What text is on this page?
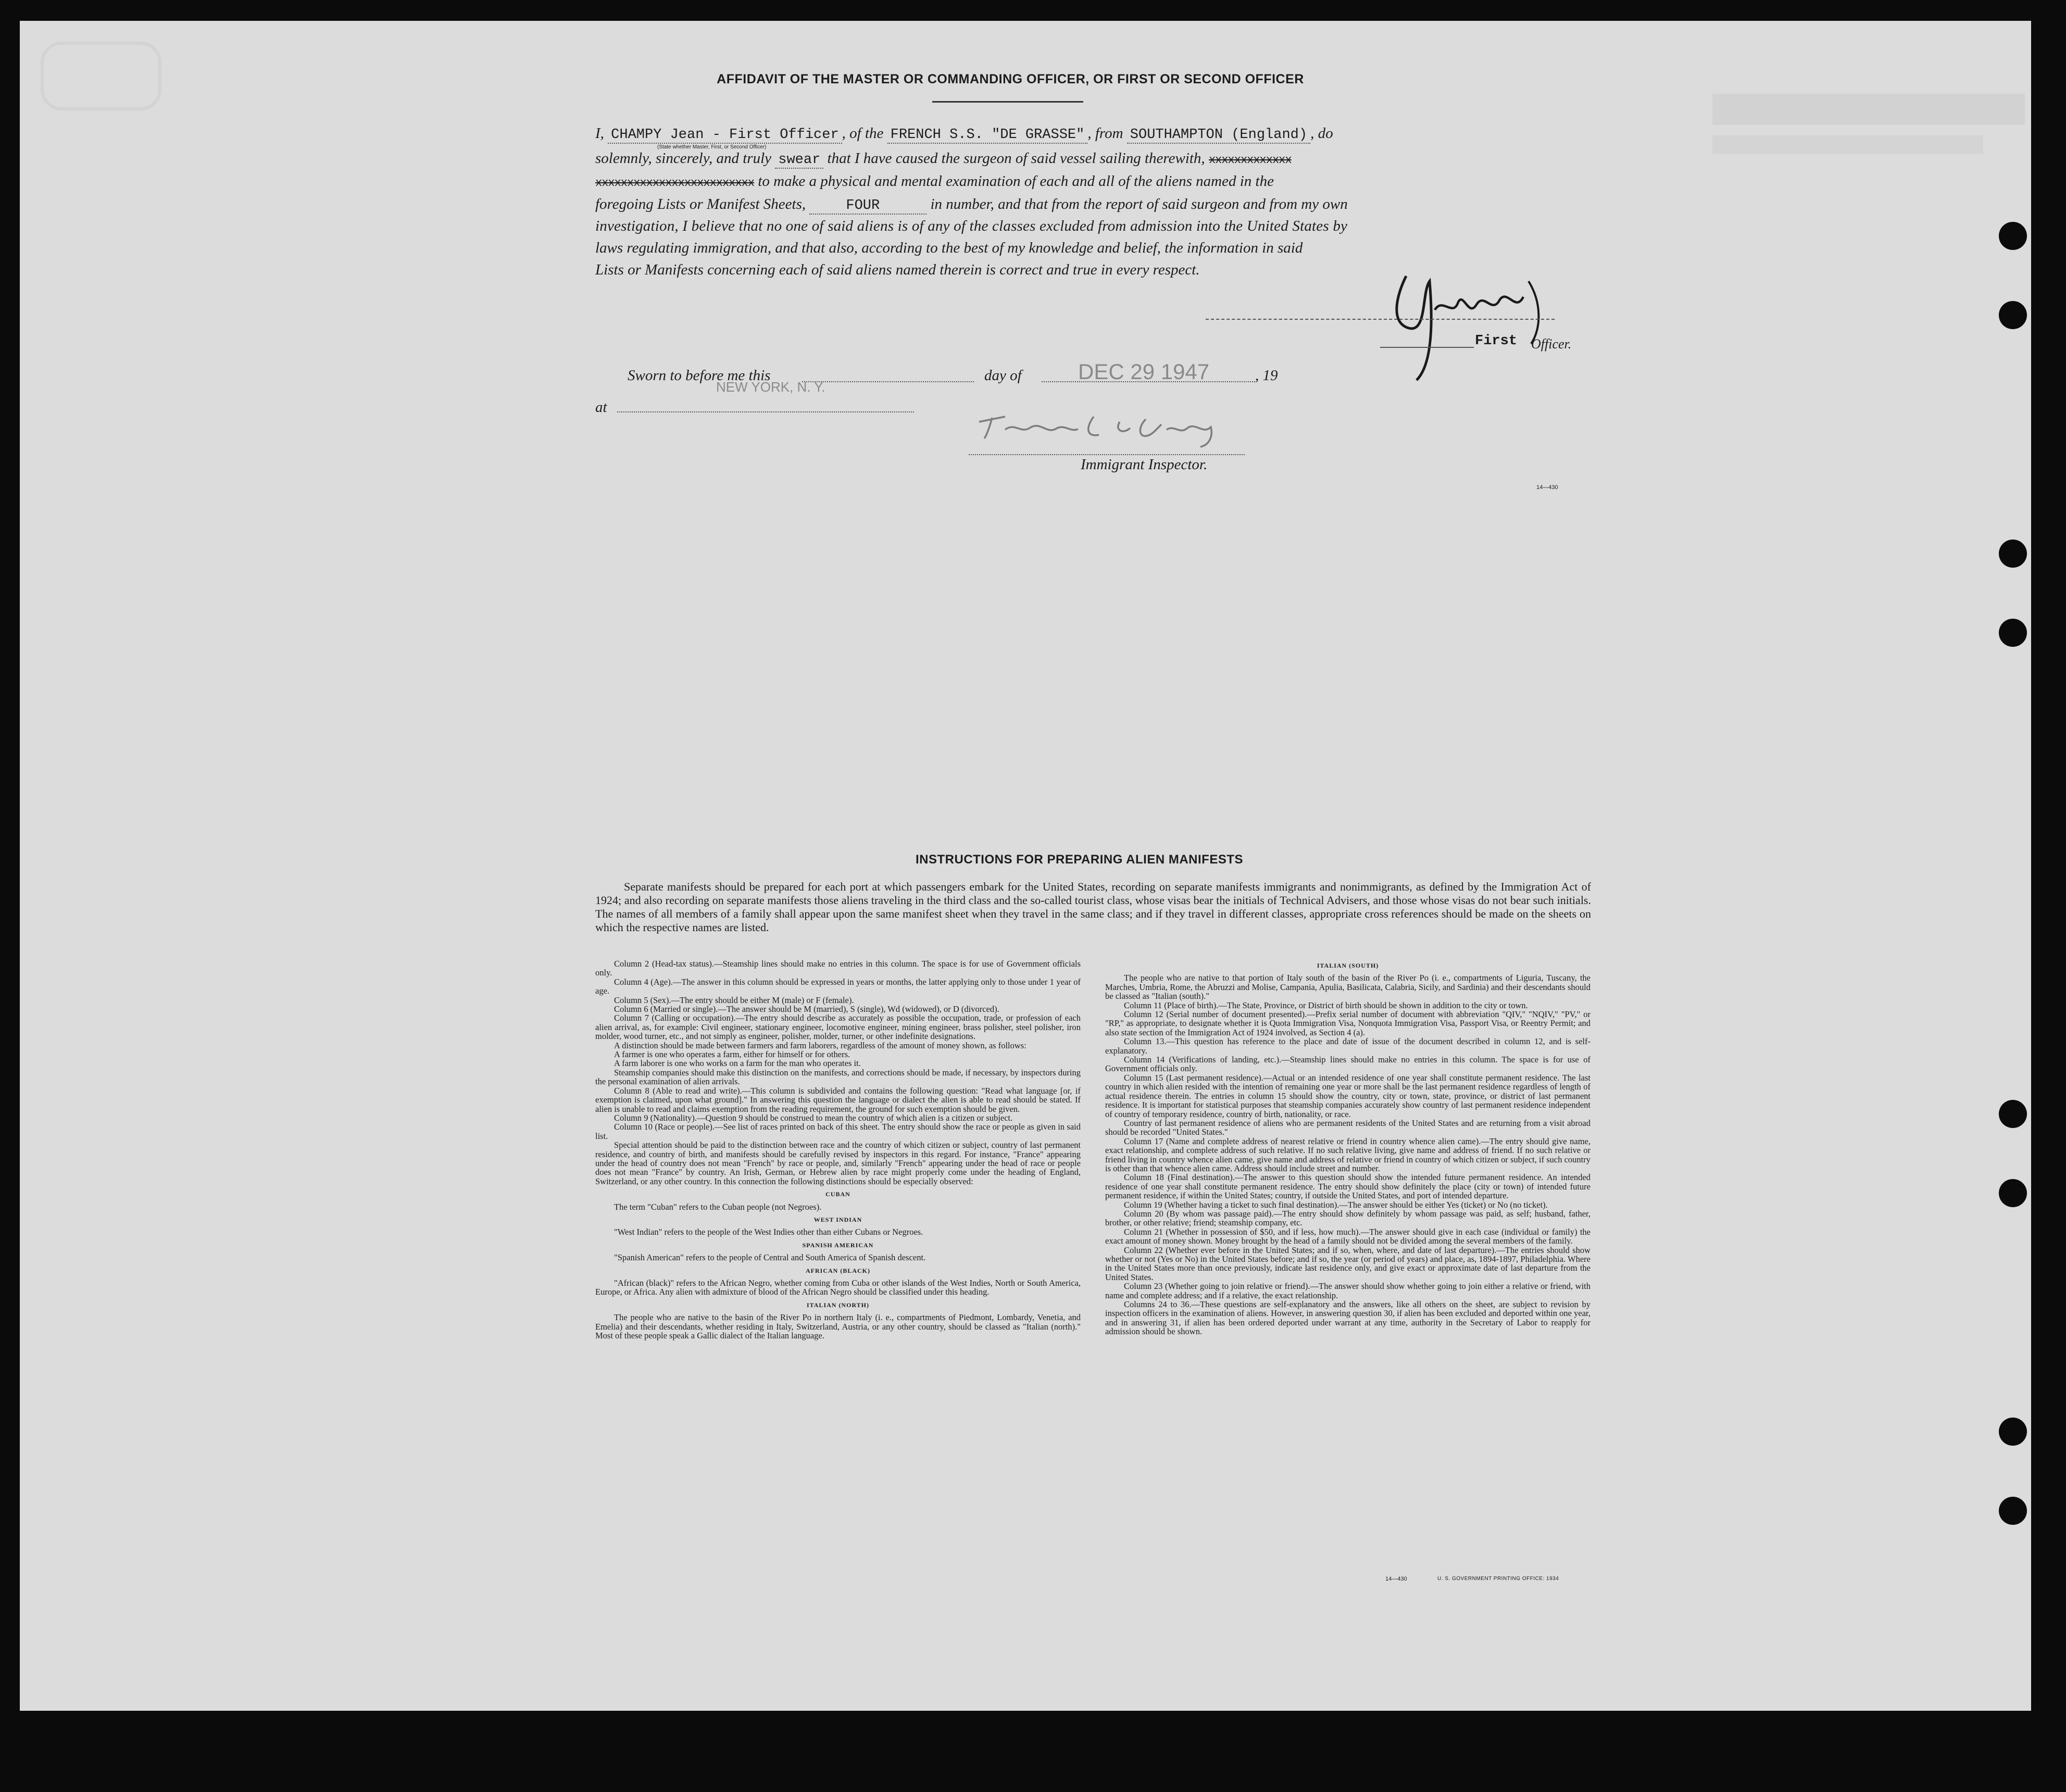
AFFIDAVIT OF THE MASTER OR COMMANDING OFFICER, OR FIRST OR SECOND OFFICER
I, CHAMPY Jean - First Officer , of the FRENCH S.S. "DE GRASSE" , from SOUTHAMPTON (England) , do
(State whether Master, First, or Second Officer)
solemnly, sincerely, and truly swear that I have caused the surgeon of said vessel sailing therewith, xxxxxxxxxxxxx
xxxxxxxxxxxxxxxxxxxxxxxxx to make a physical and mental examination of each and all of the aliens named in the
foregoing Lists or Manifest Sheets,	FOUR	in number, and that from the report of said surgeon and from my own
investigation, I believe that no one of said aliens is of any of the classes excluded from admission into the United States by
laws regulating immigration, and that also, according to the best of my knowledge and belief, the information in said
Lists or Manifests concerning each of said aliens named therein is correct and true in every respect.
First Officer.
Sworn to before me this	day of	DEC 29 1947	, 19
NEW YORK, N. Y.
at
Immigrant Inspector.
14—430
INSTRUCTIONS FOR PREPARING ALIEN MANIFESTS

Separate manifests should be prepared for each port at which passengers embark for the United States, recording on separate manifests immigrants and nonimmigrants, as defined by the Immigration Act of 1924; and also recording on separate manifests those aliens traveling in the third class and the so-called tourist class, whose visas bear the initials of Technical Advisers, and those whose visas do not bear such initials. The names of all members of a family shall appear upon the same manifest sheet when they travel in the same class; and if they travel in different classes, appropriate cross references should be made on the sheets on which the respective names are listed.

Column 2 (Head-tax status).—Steamship lines should make no entries in this column. The space is for use of Government officials only.

Column 4 (Age).—The answer in this column should be expressed in years or months, the latter applying only to those under 1 year of age.

Column 5 (Sex).—The entry should be either M (male) or F (female).

Column 6 (Married or single).—The answer should be M (married), S (single), Wd (widowed), or D (divorced).

Column 7 (Calling or occupation).—The entry should describe as accurately as possible the occupation, trade, or profession of each alien arrival, as, for example: Civil engineer, stationary engineer, locomotive engineer, mining engineer, brass polisher, steel polisher, iron molder, wood turner, etc., and not simply as engineer, polisher, molder, turner, or other indefinite designations.

A distinction should be made between farmers and farm laborers, regardless of the amount of money shown, as follows:

A farmer is one who operates a farm, either for himself or for others.

A farm laborer is one who works on a farm for the man who operates it.

Steamship companies should make this distinction on the manifests, and corrections should be made, if necessary, by inspectors during the personal examination of alien arrivals.

Column 8 (Able to read and write).—This column is subdivided and contains the following question: "Read what language [or, if exemption is claimed, upon what ground]." In answering this question the language or dialect the alien is able to read should be stated. If alien is unable to read and claims exemption from the reading requirement, the ground for such exemption should be given.

Column 9 (Nationality).—Question 9 should be construed to mean the country of which alien is a citizen or subject.

Column 10 (Race or people).—See list of races printed on back of this sheet. The entry should show the race or people as given in said list.

Special attention should be paid to the distinction between race and the country of which citizen or subject, country of last permanent residence, and country of birth, and manifests should be carefully revised by inspectors in this regard. For instance, "France" appearing under the head of country does not mean "French" by race or people, and, similarly "French" appearing under the head of race or people does not mean "France" by country. An Irish, German, or Hebrew alien by race might properly come under the heading of England, Switzerland, or any other country. In this connection the following distinctions should be especially observed:

CUBAN

The term "Cuban" refers to the Cuban people (not Negroes).

WEST INDIAN

"West Indian" refers to the people of the West Indies other than either Cubans or Negroes.

SPANISH AMERICAN

"Spanish American" refers to the people of Central and South America of Spanish descent.

AFRICAN (BLACK)

"African (black)" refers to the African Negro, whether coming from Cuba or other islands of the West Indies, North or South America, Europe, or Africa. Any alien with admixture of blood of the African Negro should be classified under this heading.

ITALIAN (NORTH)

The people who are native to the basin of the River Po in northern Italy (i. e., compartments of Piedmont, Lombardy, Venetia, and Emelia) and their descendants, whether residing in Italy, Switzerland, Austria, or any other country, should be classed as "Italian (north)." Most of these people speak a Gallic dialect of the Italian language.

ITALIAN (SOUTH)

The people who are native to that portion of Italy south of the basin of the River Po (i. e., compartments of Liguria, Tuscany, the Marches, Umbria, Rome, the Abruzzi and Molise, Campania, Apulia, Basilicata, Calabria, Sicily, and Sardinia) and their descendants should be classed as "Italian (south)."

Column 11 (Place of birth).—The State, Province, or District of birth should be shown in addition to the city or town.

Column 12 (Serial number of document presented).—Prefix serial number of document with abbreviation "QIV," "NQIV," "PV," or "RP," as appropriate, to designate whether it is Quota Immigration Visa, Nonquota Immigration Visa, Passport Visa, or Reentry Permit; and also state section of the Immigration Act of 1924 involved, as Section 4 (a).

Column 13.—This question has reference to the place and date of issue of the document described in column 12, and is self-explanatory.

Column 14 (Verifications of landing, etc.).—Steamship lines should make no entries in this column. The space is for use of Government officials only.

Column 15 (Last permanent residence).—Actual or an intended residence of one year shall constitute permanent residence. The last country in which alien resided with the intention of remaining one year or more shall be the last permanent residence regardless of length of actual residence therein. The entries in column 15 should show the country, city or town, state, province, or district of last permanent residence. It is important for statistical purposes that steamship companies accurately show country of last permanent residence independent of country of temporary residence, country of birth, nationality, or race.

Country of last permanent residence of aliens who are permanent residents of the United States and are returning from a visit abroad should be recorded "United States."

Column 17 (Name and complete address of nearest relative or friend in country whence alien came).—The entry should give name, exact relationship, and complete address of such relative. If no such relative living, give name and address of friend. If no such relative or friend living in country whence alien came, give name and address of relative or friend in country of which citizen or subject, if such country is other than that whence alien came. Address should include street and number.

Column 18 (Final destination).—The answer to this question should show the intended future permanent residence. An intended residence of one year shall constitute permanent residence. The entry should show definitely the place (city or town) of intended future permanent residence, if within the United States; country, if outside the United States, and port of intended departure.

Column 19 (Whether having a ticket to such final destination).—The answer should be either Yes (ticket) or No (no ticket).

Column 20 (By whom was passage paid).—The entry should show definitely by whom passage was paid, as self; husband, father, brother, or other relative; friend; steamship company, etc.

Column 21 (Whether in possession of $50, and if less, how much).—The answer should give in each case (individual or family) the exact amount of money shown. Money brought by the head of a family should not be divided among the several members of the family.

Column 22 (Whether ever before in the United States; and if so, when, where, and date of last departure).—The entries should show whether or not (Yes or No) in the United States before; and if so, the year (or period of years) and place, as, 1894-1897, Philadelphia. Where in the United States more than once previously, indicate last residence only, and give exact or approximate date of last departure from the United States.

Column 23 (Whether going to join relative or friend).—The answer should show whether going to join either a relative or friend, with name and complete address; and if a relative, the exact relationship.

Columns 24 to 36.—These questions are self-explanatory and the answers, like all others on the sheet, are subject to revision by inspection officers in the examination of aliens. However, in answering question 30, if alien has been excluded and deported within one year, and in answering 31, if alien has been ordered deported under warrant at any time, authority in the Secretary of Labor to reapply for admission should be shown.

14—430	U. S. GOVERNMENT PRINTING OFFICE: 1934
